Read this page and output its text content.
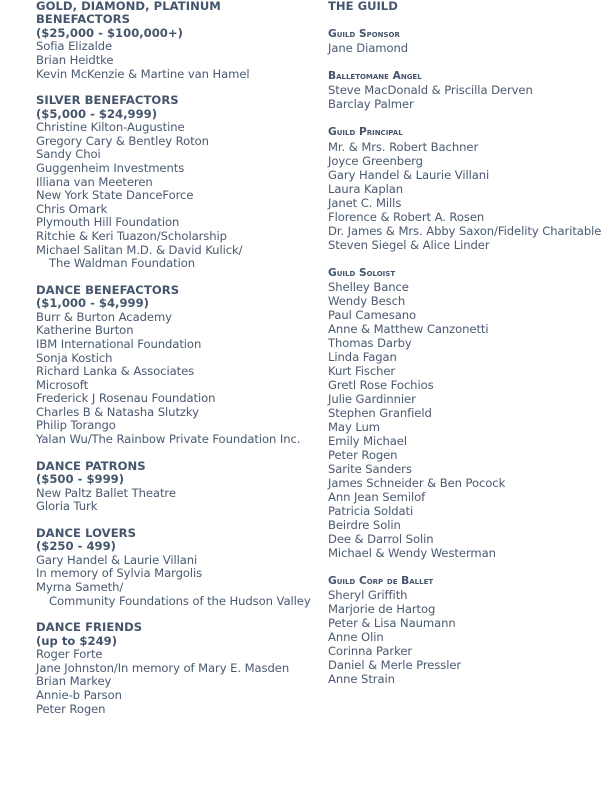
GOLD, DIAMOND, PLATINUM
BENEFACTORS
($25,000 - $100,000+)
Sofia Elizalde
Brian Heidtke
Kevin McKenzie & Martine van Hamel
SILVER BENEFACTORS
($5,000 - $24,999)
Christine Kilton-Augustine
Gregory Cary & Bentley Roton
Sandy Choi
Guggenheim Investments
Illiana van Meeteren
New York State DanceForce
Chris Omark
Plymouth Hill Foundation
Ritchie & Keri Tuazon/Scholarship
Michael Salitan M.D. & David Kulick/
The Waldman Foundation
DANCE BENEFACTORS
($1,000 - $4,999)
Burr & Burton Academy
Katherine Burton
IBM International Foundation
Sonja Kostich
Richard Lanka & Associates
Microsoft
Frederick J Rosenau Foundation
Charles B & Natasha Slutzky
Philip Torango
Yalan Wu/The Rainbow Private Foundation Inc.
DANCE PATRONS
($500 - $999)
New Paltz Ballet Theatre
Gloria Turk
DANCE LOVERS
($250 - 499)
Gary Handel & Laurie Villani
In memory of Sylvia Margolis
Myrna Sameth/
Community Foundations of the Hudson Valley
DANCE FRIENDS
(up to $249)
Roger Forte
Jane Johnston/In memory of Mary E. Masden
Brian Markey
Annie-b Parson
Peter Rogen
THE GUILD
Guild Sponsor
Jane Diamond
Balletomane Angel
Steve MacDonald & Priscilla Derven
Barclay Palmer
Guild Principal
Mr. & Mrs. Robert Bachner
Joyce Greenberg
Gary Handel & Laurie Villani
Laura Kaplan
Janet C. Mills
Florence & Robert A. Rosen
Dr. James & Mrs. Abby Saxon/Fidelity Charitable
Steven Siegel & Alice Linder
Guild Soloist
Shelley Bance
Wendy Besch
Paul Camesano
Anne & Matthew Canzonetti
Thomas Darby
Linda Fagan
Kurt Fischer
Gretl Rose Fochios
Julie Gardinnier
Stephen Granfield
May Lum
Emily Michael
Peter Rogen
Sarite Sanders
James Schneider & Ben Pocock
Ann Jean Semilof
Patricia Soldati
Beirdre Solin
Dee & Darrol Solin
Michael & Wendy Westerman
Guild Corp de Ballet
Sheryl Griffith
Marjorie de Hartog
Peter & Lisa Naumann
Anne Olin
Corinna Parker
Daniel & Merle Pressler
Anne Strain
